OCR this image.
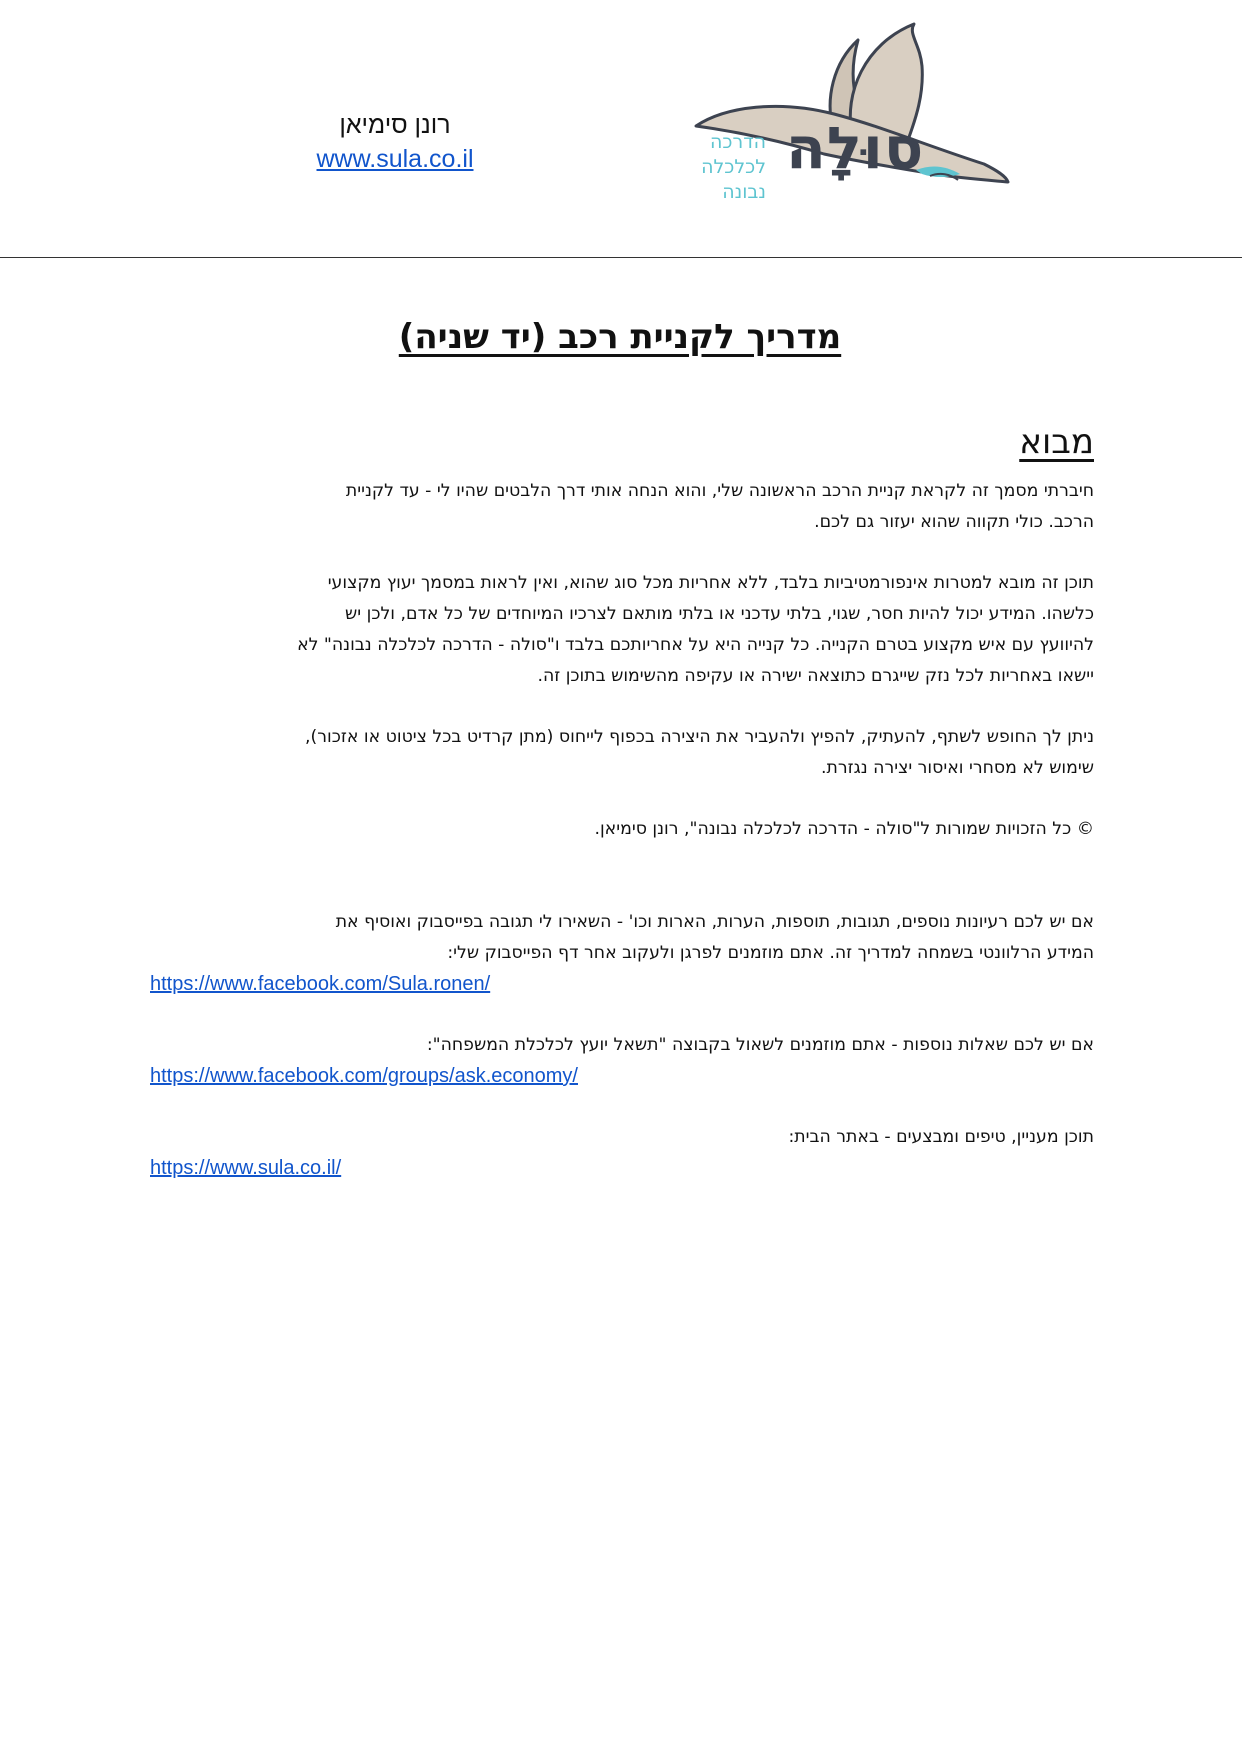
רונן סימיאן
www.sula.co.il	סוּלָה
הדרכה
לכלכלה
נבונה
מדריך לקניית רכב (יד שניה)
מבוא

חיברתי מסמך זה לקראת קניית הרכב הראשונה שלי, והוא הנחה אותי דרך הלבטים שהיו לי - עד לקניית
הרכב. כולי תקווה שהוא יעזור גם לכם.

תוכן זה מובא למטרות אינפורמטיביות בלבד, ללא אחריות מכל סוג שהוא, ואין לראות במסמך יעוץ מקצועי
כלשהו. המידע יכול להיות חסר, שגוי, בלתי עדכני או בלתי מותאם לצרכיו המיוחדים של כל אדם, ולכן יש
להיוועץ עם איש מקצוע בטרם הקנייה. כל קנייה היא על אחריותכם בלבד ו"סולה - הדרכה לכלכלה נבונה" לא
יישאו באחריות לכל נזק שייגרם כתוצאה ישירה או עקיפה מהשימוש בתוכן זה.

ניתן לך החופש לשתף, להעתיק, להפיץ ולהעביר את היצירה בכפוף לייחוס (מתן קרדיט בכל ציטוט או אזכור),
שימוש לא מסחרי ואיסור יצירה נגזרת.

© כל הזכויות שמורות ל"סולה - הדרכה לכלכלה נבונה", רונן סימיאן.

אם יש לכם רעיונות נוספים, תגובות, תוספות, הערות, הארות וכו' - השאירו לי תגובה בפייסבוק ואוסיף את
המידע הרלוונטי בשמחה למדריך זה. אתם מוזמנים לפרגן ולעקוב אחר דף הפייסבוק שלי:
https://www.facebook.com/Sula.ronen/

אם יש לכם שאלות נוספות - אתם מוזמנים לשאול בקבוצה "תשאל יועץ לכלכלת המשפחה":
https://www.facebook.com/groups/ask.economy/

תוכן מעניין, טיפים ומבצעים - באתר הבית:
https://www.sula.co.il/
